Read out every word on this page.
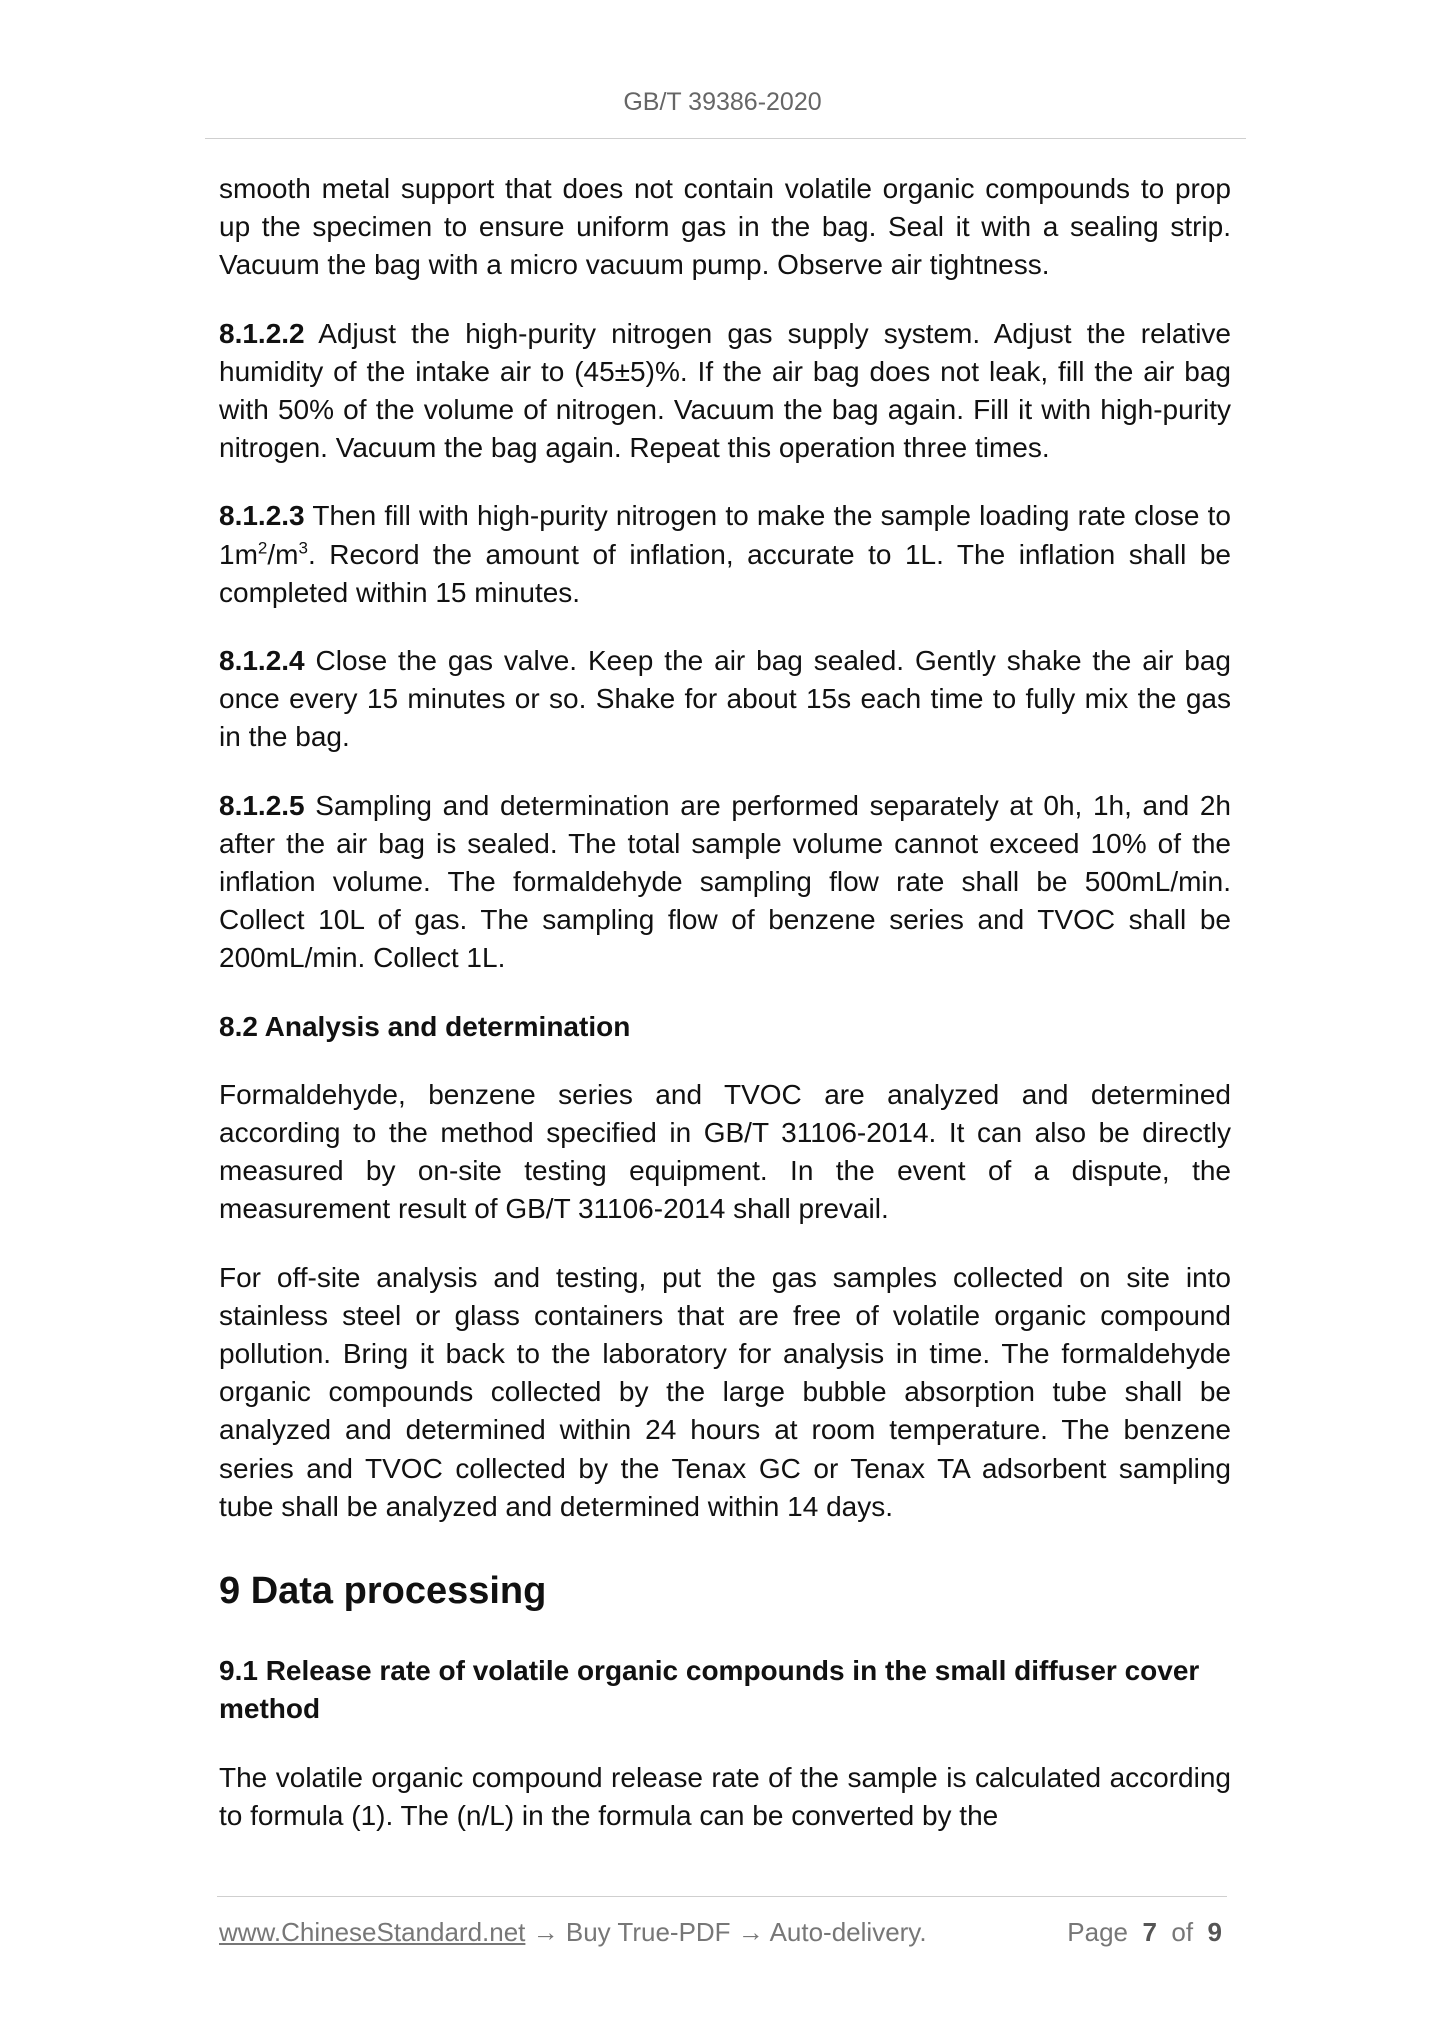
GB/T 39386-2020

smooth metal support that does not contain volatile organic compounds to prop up the specimen to ensure uniform gas in the bag. Seal it with a sealing strip. Vacuum the bag with a micro vacuum pump. Observe air tightness.

8.1.2.2 Adjust the high-purity nitrogen gas supply system. Adjust the relative humidity of the intake air to (45±5)%. If the air bag does not leak, fill the air bag with 50% of the volume of nitrogen. Vacuum the bag again. Fill it with high-purity nitrogen. Vacuum the bag again. Repeat this operation three times.

8.1.2.3 Then fill with high-purity nitrogen to make the sample loading rate close to $1m^2/m^3$. Record the amount of inflation, accurate to 1L. The inflation shall be completed within 15 minutes.

8.1.2.4 Close the gas valve. Keep the air bag sealed. Gently shake the air bag once every 15 minutes or so. Shake for about 15s each time to fully mix the gas in the bag.

8.1.2.5 Sampling and determination are performed separately at 0h, 1h, and 2h after the air bag is sealed. The total sample volume cannot exceed 10% of the inflation volume. The formaldehyde sampling flow rate shall be 500mL/min. Collect 10L of gas. The sampling flow of benzene series and TVOC shall be 200mL/min. Collect 1L.

8.2 Analysis and determination

Formaldehyde, benzene series and TVOC are analyzed and determined according to the method specified in GB/T 31106-2014. It can also be directly measured by on-site testing equipment. In the event of a dispute, the measurement result of GB/T 31106-2014 shall prevail.

For off-site analysis and testing, put the gas samples collected on site into stainless steel or glass containers that are free of volatile organic compound pollution. Bring it back to the laboratory for analysis in time. The formaldehyde organic compounds collected by the large bubble absorption tube shall be analyzed and determined within 24 hours at room temperature. The benzene series and TVOC collected by the Tenax GC or Tenax TA adsorbent sampling tube shall be analyzed and determined within 14 days.

9 Data processing
9.1 Release rate of volatile organic compounds in the small diffuser cover method

The volatile organic compound release rate of the sample is calculated according to formula (1). The (n/L) in the formula can be converted by the

www.ChineseStandard.net → Buy True-PDF → Auto-delivery.	Page 7 of 9
